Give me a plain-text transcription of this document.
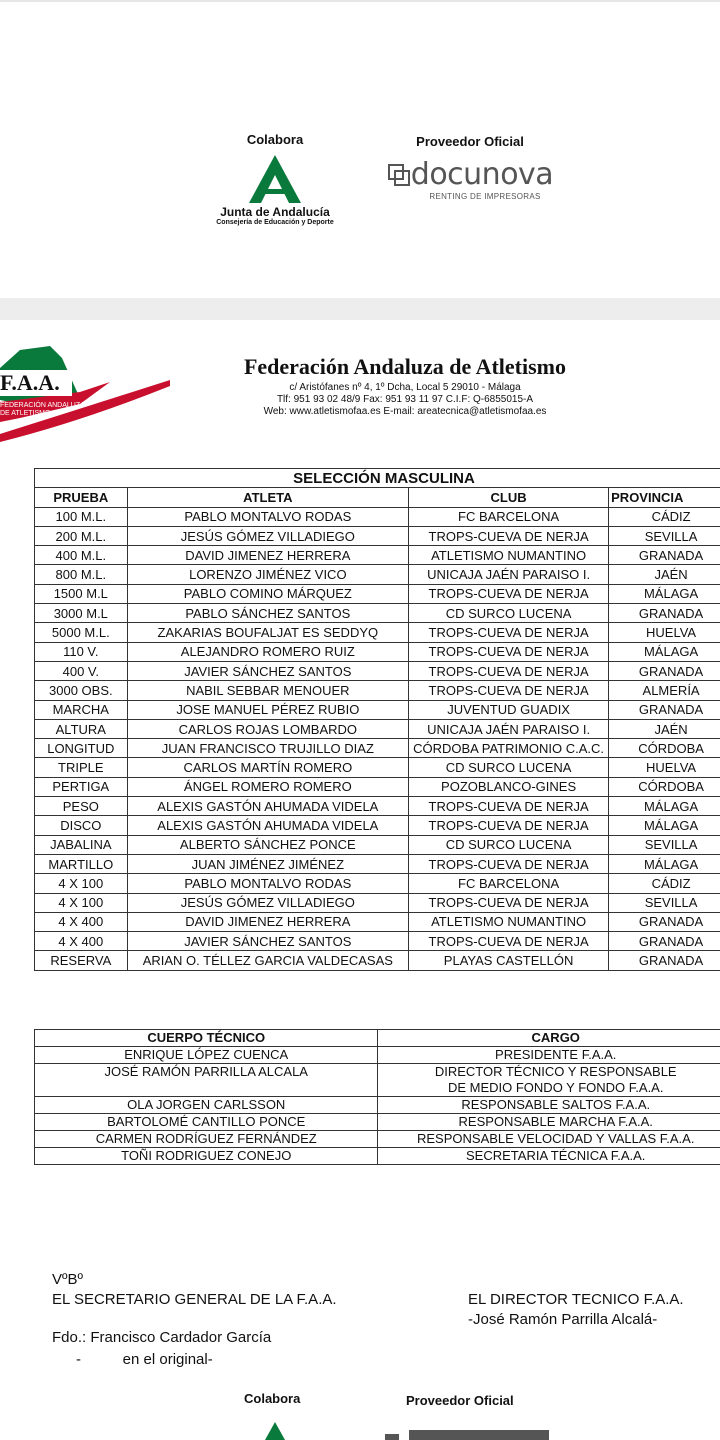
Colabora
Junta de Andalucía
Consejería de Educación y Deporte
Proveedor Oficial
docunova
RENTING DE IMPRESORAS
F.A.A.
FEDERACIÓN ANDALUZA
DE ATLETISMO
Federación Andaluza de Atletismo
c/ Aristófanes nº 4, 1º Dcha, Local 5 29010 - Málaga
Tlf: 951 93 02 48/9 Fax: 951 93 11 97 C.I.F: Q-6855015-A
Web: www.atletismofaa.es E-mail: areatecnica@atletismofaa.es
SELECCIÓN MASCULINA			
PRUEBA	ATLETA	CLUB	PROVINCIA
100 M.L.	PABLO MONTALVO RODAS	FC BARCELONA	CÁDIZ
200 M.L.	JESÚS GÓMEZ VILLADIEGO	TROPS-CUEVA DE NERJA	SEVILLA
400 M.L.	DAVID JIMENEZ HERRERA	ATLETISMO NUMANTINO	GRANADA
800 M.L.	LORENZO JIMÉNEZ VICO	UNICAJA JAÉN PARAISO I.	JAÉN
1500 M.L	PABLO COMINO MÁRQUEZ	TROPS-CUEVA DE NERJA	MÁLAGA
3000 M.L	PABLO SÁNCHEZ SANTOS	CD SURCO LUCENA	GRANADA
5000 M.L.	ZAKARIAS BOUFALJAT ES SEDDYQ	TROPS-CUEVA DE NERJA	HUELVA
110 V.	ALEJANDRO ROMERO RUIZ	TROPS-CUEVA DE NERJA	MÁLAGA
400 V.	JAVIER SÁNCHEZ SANTOS	TROPS-CUEVA DE NERJA	GRANADA
3000 OBS.	NABIL SEBBAR MENOUER	TROPS-CUEVA DE NERJA	ALMERÍA
MARCHA	JOSE MANUEL PÉREZ RUBIO	JUVENTUD GUADIX	GRANADA
ALTURA	CARLOS ROJAS LOMBARDO	UNICAJA JAÉN PARAISO I.	JAÉN
LONGITUD	JUAN FRANCISCO TRUJILLO DIAZ	CÓRDOBA PATRIMONIO C.A.C.	CÓRDOBA
TRIPLE	CARLOS MARTÍN ROMERO	CD SURCO LUCENA	HUELVA
PERTIGA	ÁNGEL ROMERO ROMERO	POZOBLANCO-GINES	CÓRDOBA
PESO	ALEXIS GASTÓN AHUMADA VIDELA	TROPS-CUEVA DE NERJA	MÁLAGA
DISCO	ALEXIS GASTÓN AHUMADA VIDELA	TROPS-CUEVA DE NERJA	MÁLAGA
JABALINA	ALBERTO SÁNCHEZ PONCE	CD SURCO LUCENA	SEVILLA
MARTILLO	JUAN JIMÉNEZ JIMÉNEZ	TROPS-CUEVA DE NERJA	MÁLAGA
4 X 100	PABLO MONTALVO RODAS	FC BARCELONA	CÁDIZ
4 X 100	JESÚS GÓMEZ VILLADIEGO	TROPS-CUEVA DE NERJA	SEVILLA
4 X 400	DAVID JIMENEZ HERRERA	ATLETISMO NUMANTINO	GRANADA
4 X 400	JAVIER SÁNCHEZ SANTOS	TROPS-CUEVA DE NERJA	GRANADA
RESERVA	ARIAN O. TÉLLEZ GARCIA VALDECASAS	PLAYAS CASTELLÓN	GRANADA
CUERPO TÉCNICO	CARGO
ENRIQUE LÓPEZ CUENCA	PRESIDENTE F.A.A.

JOSÉ RAMÓN PARRILLA ALCALA	DIRECTOR TÉCNICO Y RESPONSABLE
DE MEDIO FONDO Y FONDO F.A.A.

OLA JORGEN CARLSSON	RESPONSABLE SALTOS F.A.A.

BARTOLOMÉ CANTILLO PONCE	RESPONSABLE MARCHA F.A.A.

CARMEN RODRÍGUEZ FERNÁNDEZ	RESPONSABLE VELOCIDAD Y VALLAS F.A.A.

TOÑI RODRIGUEZ CONEJO	SECRETARIA TÉCNICA F.A.A.
VºBº
EL SECRETARIO GENERAL DE LA F.A.A.
Fdo.: Francisco Cardador García
-          en el original-
EL DIRECTOR TECNICO F.A.A.
-José Ramón Parrilla Alcalá-
Colabora	Proveedor Oficial
